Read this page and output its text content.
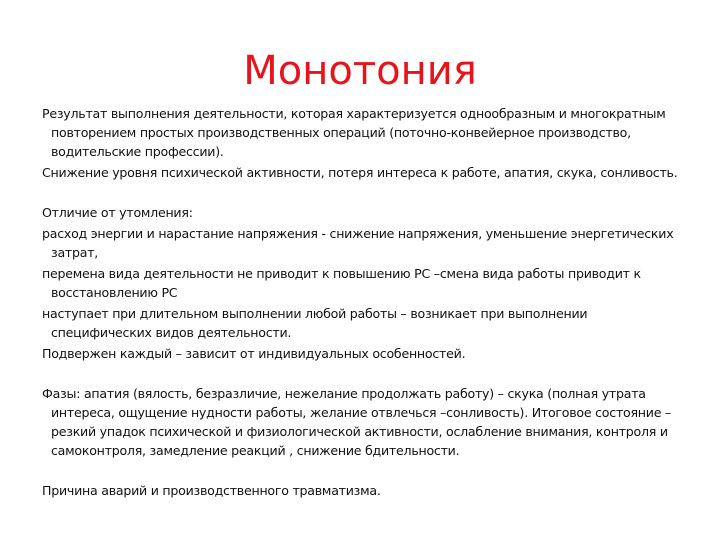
Монотония

Результат выполнения деятельности, которая характеризуется однообразным и многократным повторением простых производственных операций (поточно-конвейерное производство, водительские профессии).

Снижение уровня психической активности, потеря интереса к работе, апатия, скука, сонливость.

Отличие от утомления:

расход энергии и нарастание напряжения - снижение напряжения, уменьшение энергетических затрат,

перемена вида деятельности не приводит к повышению РС –смена вида работы приводит к восстановлению РС

наступает при длительном выполнении любой работы – возникает при выполнении специфических видов деятельности.

Подвержен каждый – зависит от индивидуальных особенностей.

Фазы: апатия (вялость, безразличие, нежелание продолжать работу) – скука (полная утрата интереса, ощущение нудности работы, желание отвлечься –сонливость). Итоговое состояние – резкий упадок психической и физиологической активности, ослабление внимания, контроля и самоконтроля, замедление реакций , снижение бдительности.

Причина аварий и производственного травматизма.
